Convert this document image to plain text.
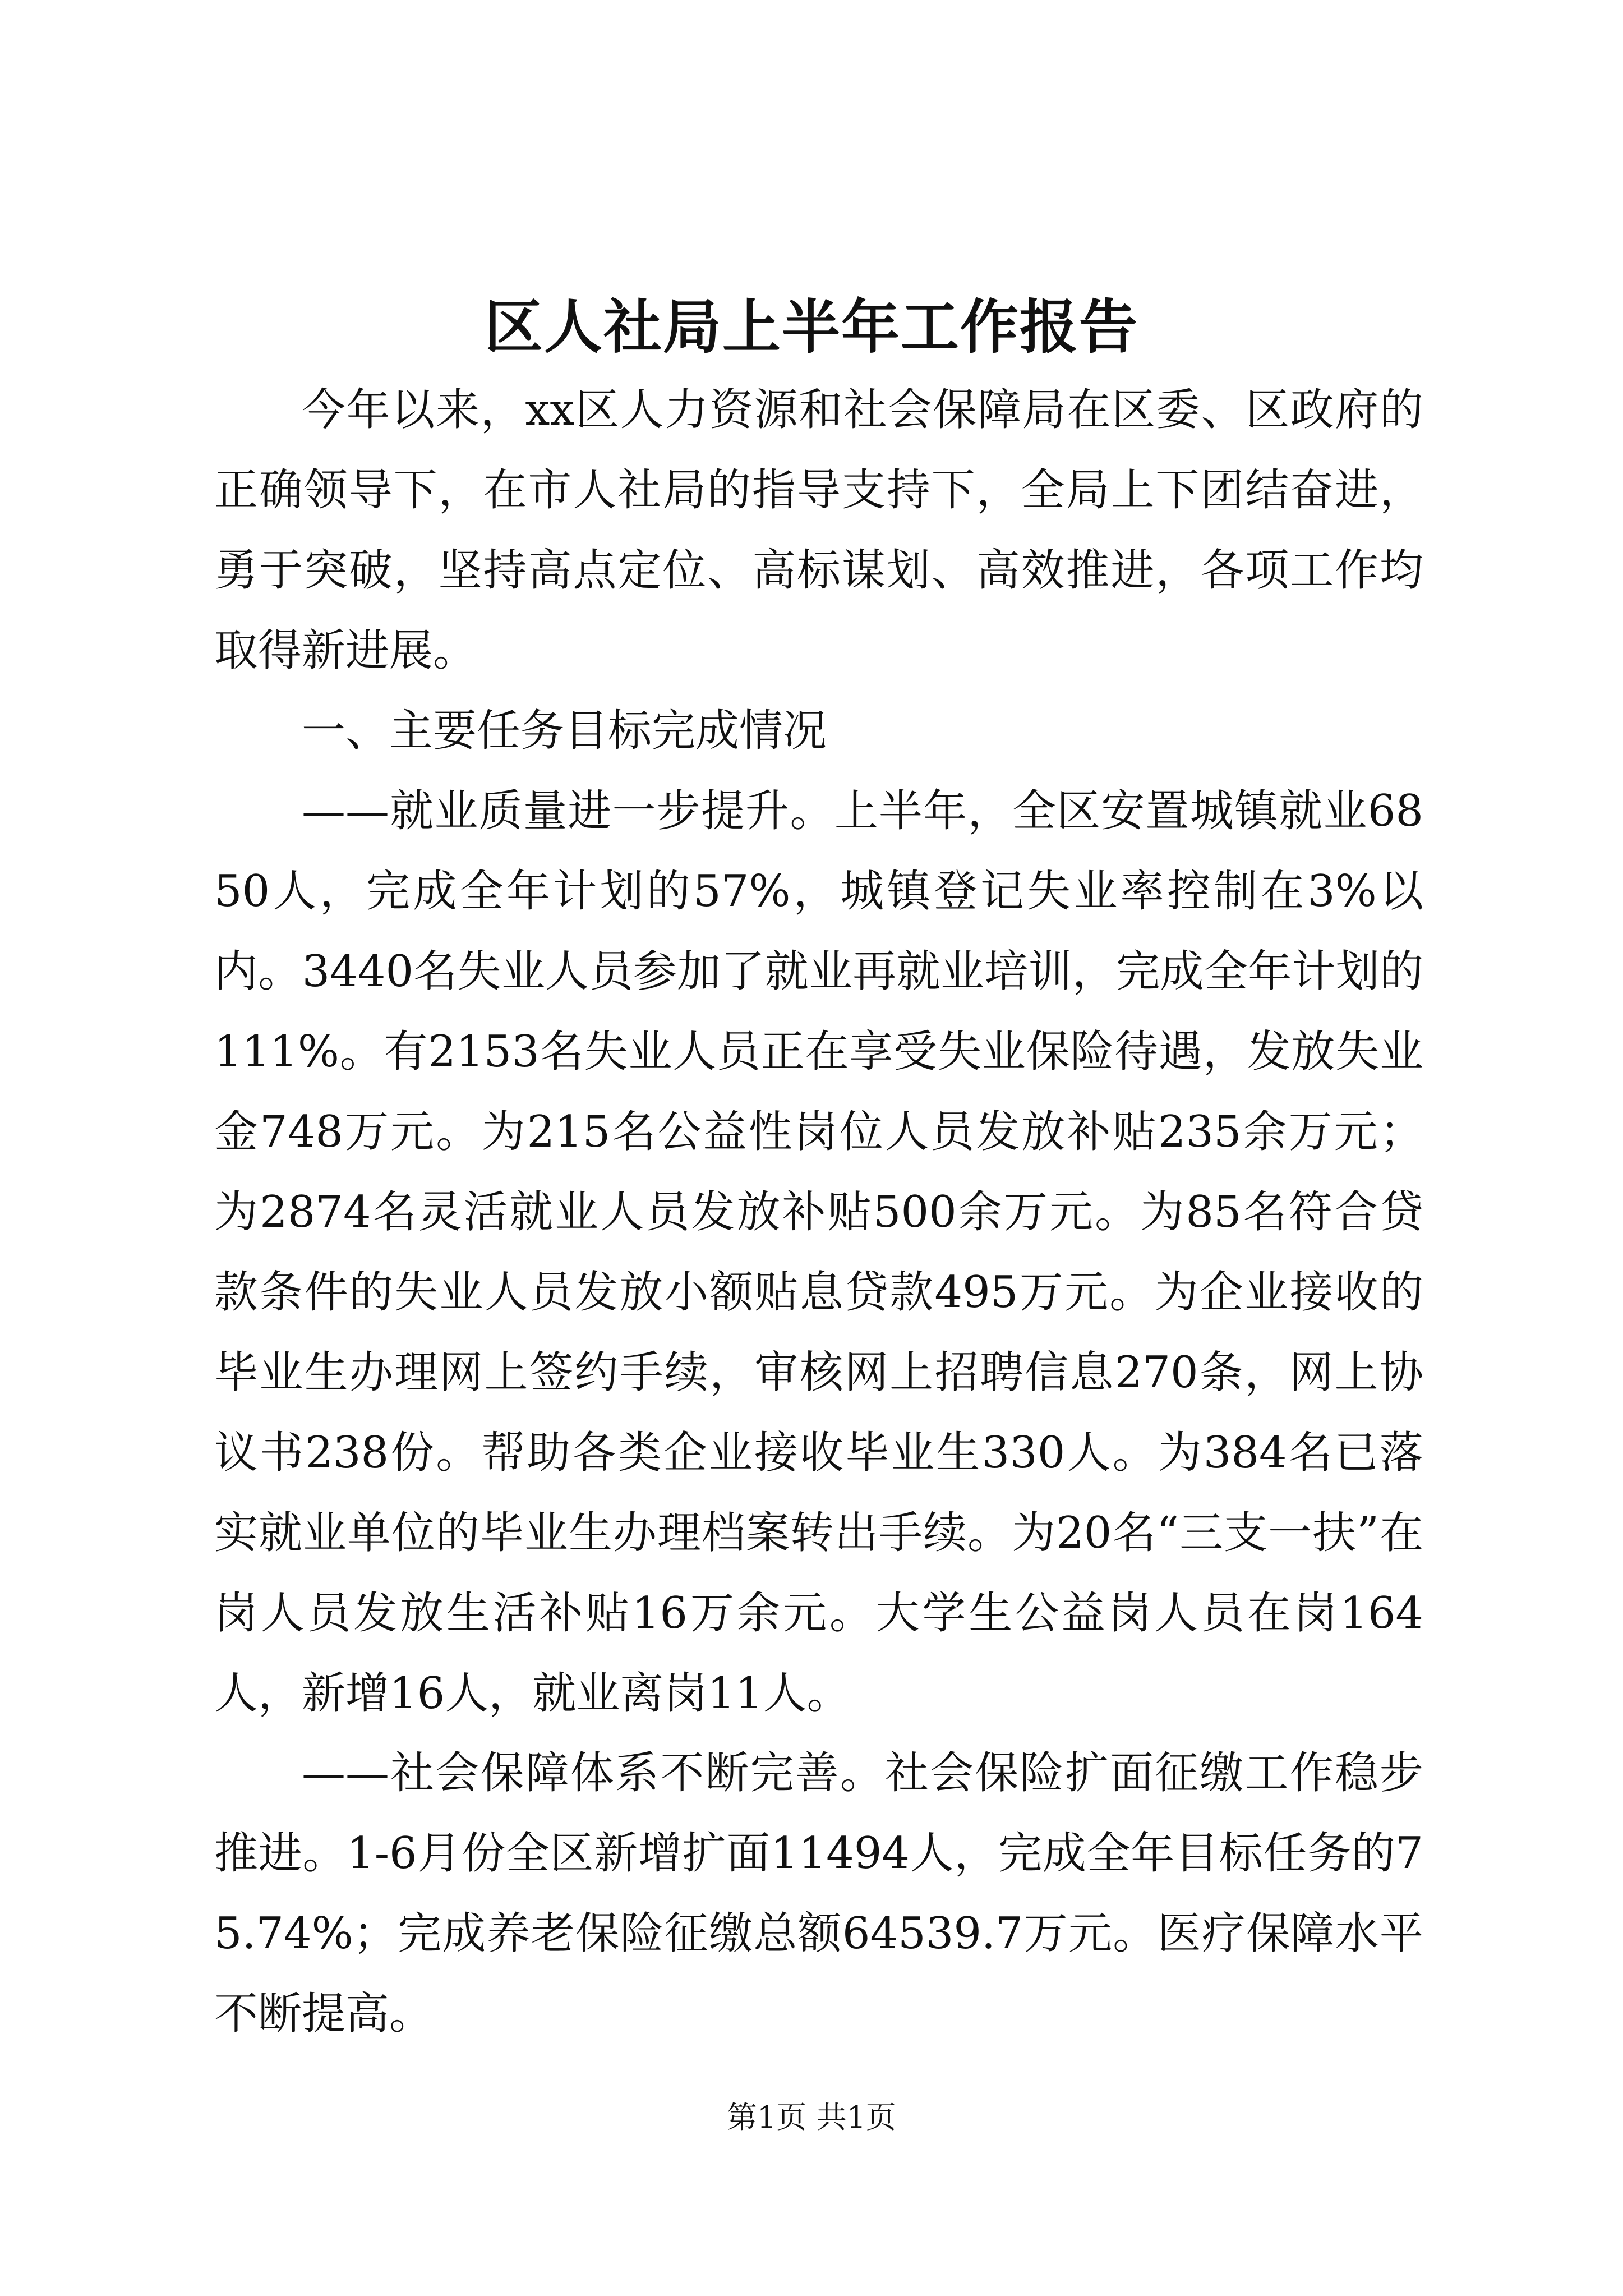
区人社局上半年工作报告

今年以来，xx区人力资源和社会保障局在区委、区政府的正确领导下，在市人社局的指导支持下，全局上下团结奋进，勇于突破，坚持高点定位、高标谋划、高效推进，各项工作均取得新进展。

一、主要任务目标完成情况

——就业质量进一步提升。上半年，全区安置城镇就业6850人，完成全年计划的57%，城镇登记失业率控制在3%以内。3440名失业人员参加了就业再就业培训，完成全年计划的111%。有2153名失业人员正在享受失业保险待遇，发放失业金748万元。为215名公益性岗位人员发放补贴235余万元；为2874名灵活就业人员发放补贴500余万元。为85名符合贷款条件的失业人员发放小额贴息贷款495万元。为企业接收的毕业生办理网上签约手续，审核网上招聘信息270条，网上协议书238份。帮助各类企业接收毕业生330人。为384名已落实就业单位的毕业生办理档案转出手续。为20名“三支一扶”在岗人员发放生活补贴16万余元。大学生公益岗人员在岗164人，新增16人，就业离岗11人。

——社会保障体系不断完善。社会保险扩面征缴工作稳步推进。1-6月份全区新增扩面11494人，完成全年目标任务的75.74%；完成养老保险征缴总额64539.7万元。医疗保障水平不断提高。

第1页 共1页
